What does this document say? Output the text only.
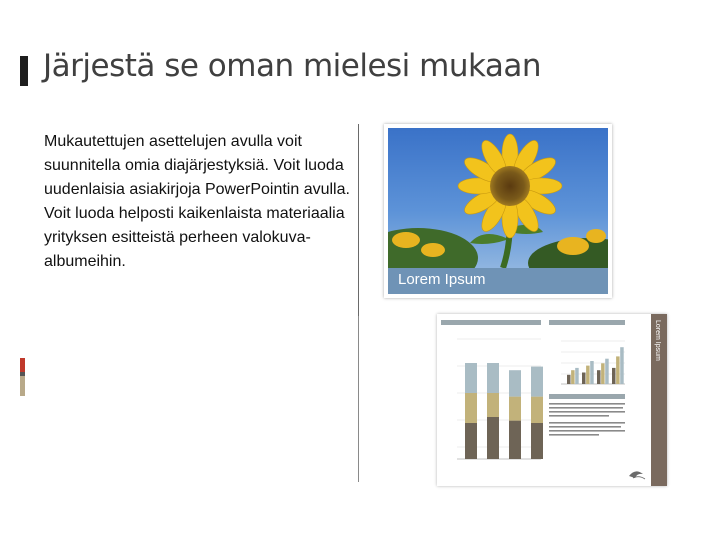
Järjestä se oman mielesi mukaan

Mukautettujen asettelujen avulla voit suunnitella omia diajärjestyksiä. Voit luoda uudenlaisia asiakirjoja PowerPointin avulla. Voit luoda helposti kaikenlaista materiaalia yrityksen esitteistä perheen valokuva-albumeihin.

Lorem Ipsum
Lorem Ipsum
